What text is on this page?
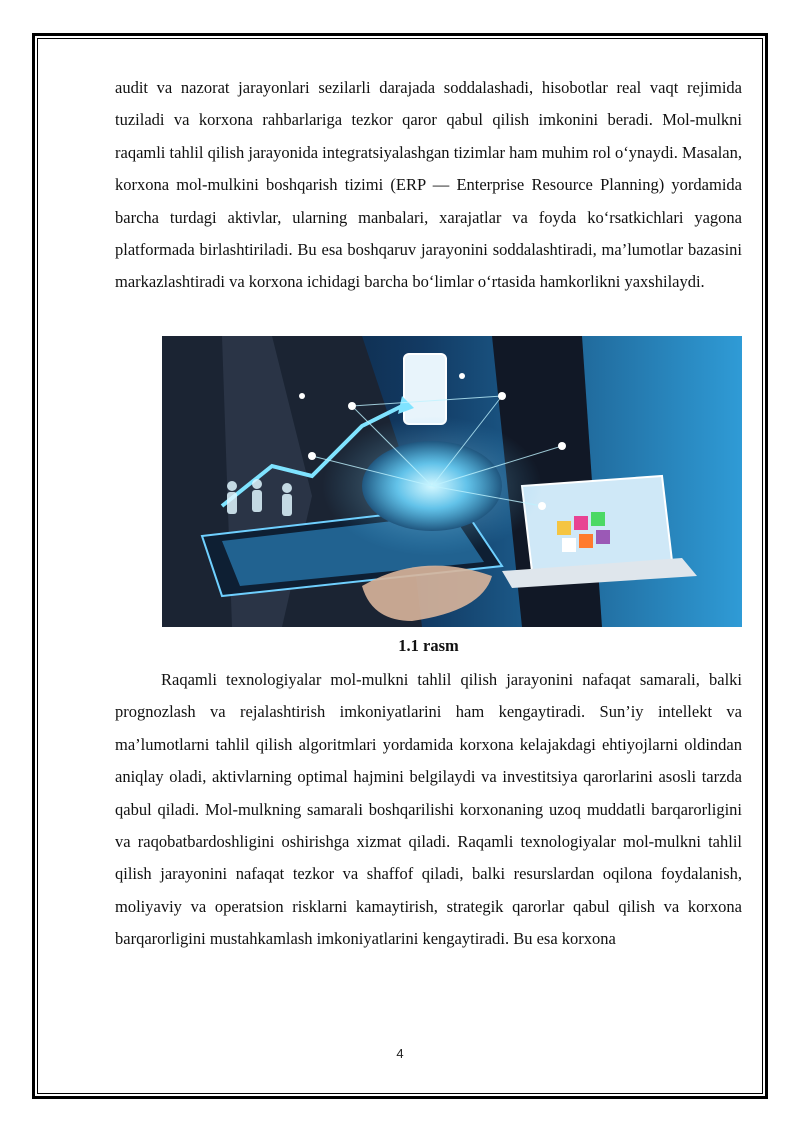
audit va nazorat jarayonlari sezilarli darajada soddalashadi, hisobotlar real vaqt rejimida tuziladi va korxona rahbarlariga tezkor qaror qabul qilish imkonini beradi. Mol-mulkni raqamli tahlil qilish jarayonida integratsiyalashgan tizimlar ham muhim rol o‘ynaydi. Masalan, korxona mol-mulkini boshqarish tizimi (ERP — Enterprise Resource Planning) yordamida barcha turdagi aktivlar, ularning manbalari, xarajatlar va foyda ko‘rsatkichlari yagona platformada birlashtiriladi. Bu esa boshqaruv jarayonini soddalashtiradi, ma’lumotlar bazasini markazlashtiradi va korxona ichidagi barcha bo‘limlar o‘rtasida hamkorlikni yaxshilaydi.

1.1 rasm

Raqamli texnologiyalar mol-mulkni tahlil qilish jarayonini nafaqat samarali, balki prognozlash va rejalashtirish imkoniyatlarini ham kengaytiradi. Sun’iy intellekt va ma’lumotlarni tahlil qilish algoritmlari yordamida korxona kelajakdagi ehtiyojlarni oldindan aniqlay oladi, aktivlarning optimal hajmini belgilaydi va investitsiya qarorlarini asosli tarzda qabul qiladi. Mol-mulkning samarali boshqarilishi korxonaning uzoq muddatli barqarorligini va raqobatbardoshligini oshirishga xizmat qiladi. Raqamli texnologiyalar mol-mulkni tahlil qilish jarayonini nafaqat tezkor va shaffof qiladi, balki resurslardan oqilona foydalanish, moliyaviy va operatsion risklarni kamaytirish, strategik qarorlar qabul qilish va korxona barqarorligini mustahkamlash imkoniyatlarini kengaytiradi. Bu esa korxona

4
